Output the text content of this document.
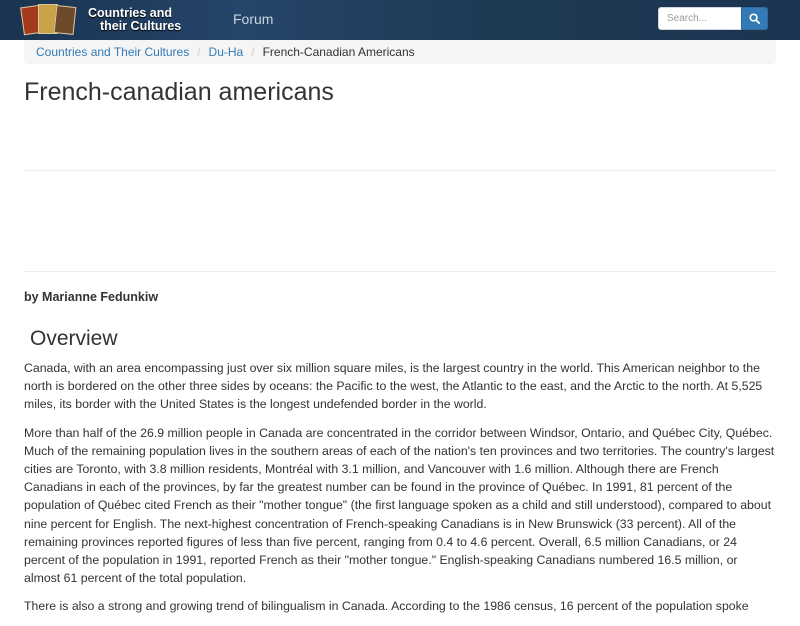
Countries and
their Cultures	Forum
Search...
Countries and Their Cultures / Du-Ha / French-Canadian Americans
French-canadian americans
by Marianne Fedunkiw
Overview

Canada, with an area encompassing just over six million square miles, is the largest country in the world. This American neighbor to the north is bordered on the other three sides by oceans: the Pacific to the west, the Atlantic to the east, and the Arctic to the north. At 5,525 miles, its border with the United States is the longest undefended border in the world.

More than half of the 26.9 million people in Canada are concentrated in the corridor between Windsor, Ontario, and Québec City, Québec. Much of the remaining population lives in the southern areas of each of the nation's ten provinces and two territories. The country's largest cities are Toronto, with 3.8 million residents, Montréal with 3.1 million, and Vancouver with 1.6 million. Although there are French Canadians in each of the provinces, by far the greatest number can be found in the province of Québec. In 1991, 81 percent of the population of Québec cited French as their "mother tongue" (the first language spoken as a child and still understood), compared to about nine percent for English. The next-highest concentration of French-speaking Canadians is in New Brunswick (33 percent). All of the remaining provinces reported figures of less than five percent, ranging from 0.4 to 4.6 percent. Overall, 6.5 million Canadians, or 24 percent of the population in 1991, reported French as their "mother tongue." English-speaking Canadians numbered 16.5 million, or almost 61 percent of the total population.

There is also a strong and growing trend of bilingualism in Canada. According to the 1986 census, 16 percent of the population spoke
